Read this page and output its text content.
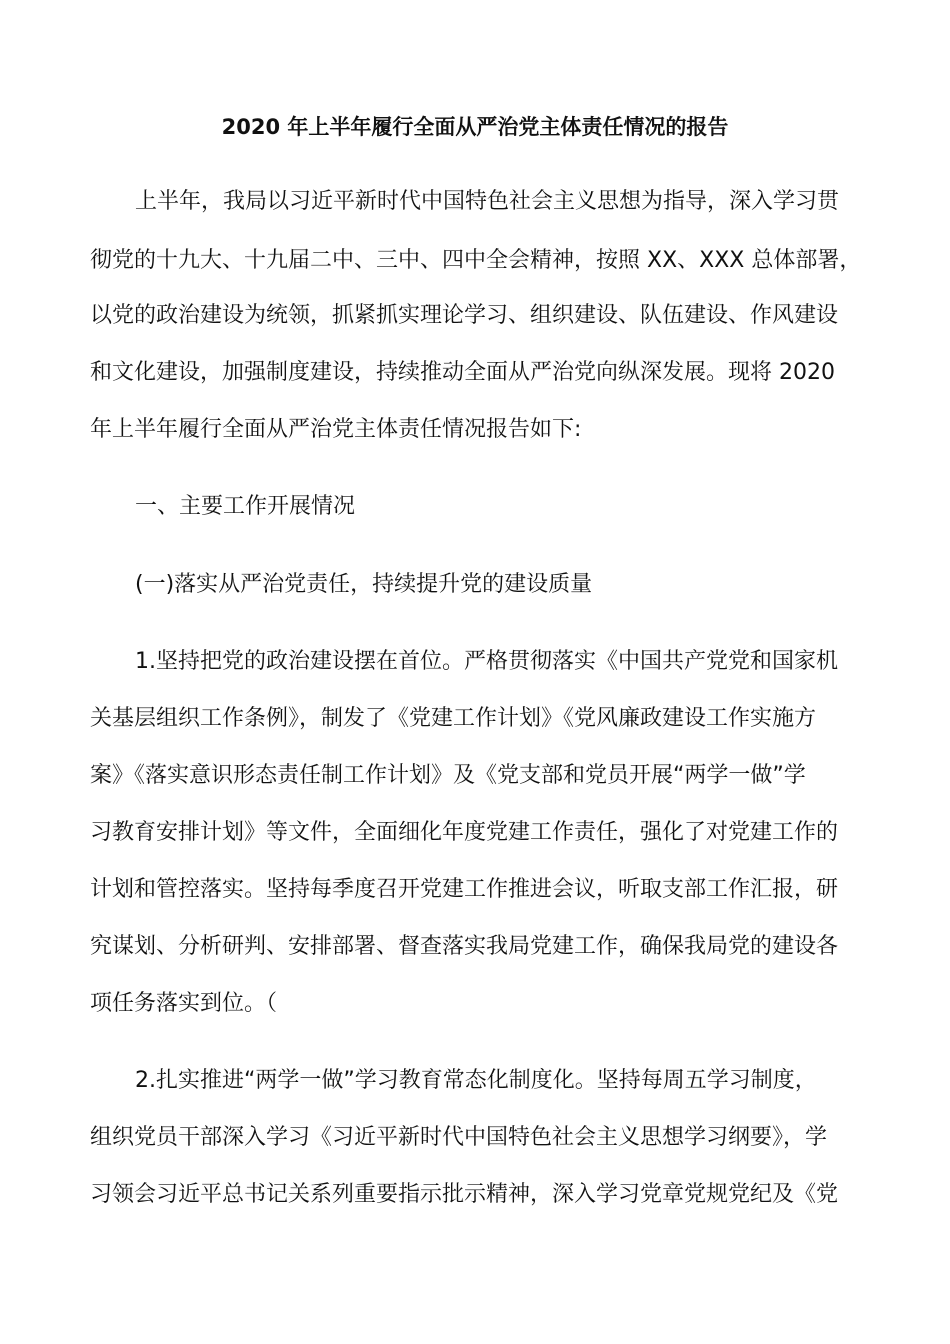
2020 年上半年履行全面从严治党主体责任情况的报告

上半年，我局以习近平新时代中国特色社会主义思想为指导，深入学习贯

彻党的十九大、十九届二中、三中、四中全会精神，按照 XX、XXX 总体部署，

以党的政治建设为统领，抓紧抓实理论学习、组织建设、队伍建设、作风建设

和文化建设，加强制度建设，持续推动全面从严治党向纵深发展。现将 2020

年上半年履行全面从严治党主体责任情况报告如下:

一、主要工作开展情况

(一)落实从严治党责任，持续提升党的建设质量

1.坚持把党的政治建设摆在首位。严格贯彻落实《中国共产党党和国家机

关基层组织工作条例》，制发了《党建工作计划》《党风廉政建设工作实施方

案》《落实意识形态责任制工作计划》及《党支部和党员开展“两学一做”学

习教育安排计划》等文件，全面细化年度党建工作责任，强化了对党建工作的

计划和管控落实。坚持每季度召开党建工作推进会议，听取支部工作汇报，研

究谋划、分析研判、安排部署、督查落实我局党建工作，确保我局党的建设各

项任务落实到位。（

2.扎实推进“两学一做”学习教育常态化制度化。坚持每周五学习制度，

组织党员干部深入学习《习近平新时代中国特色社会主义思想学习纲要》，学

习领会习近平总书记关系列重要指示批示精神，深入学习党章党规党纪及《党
